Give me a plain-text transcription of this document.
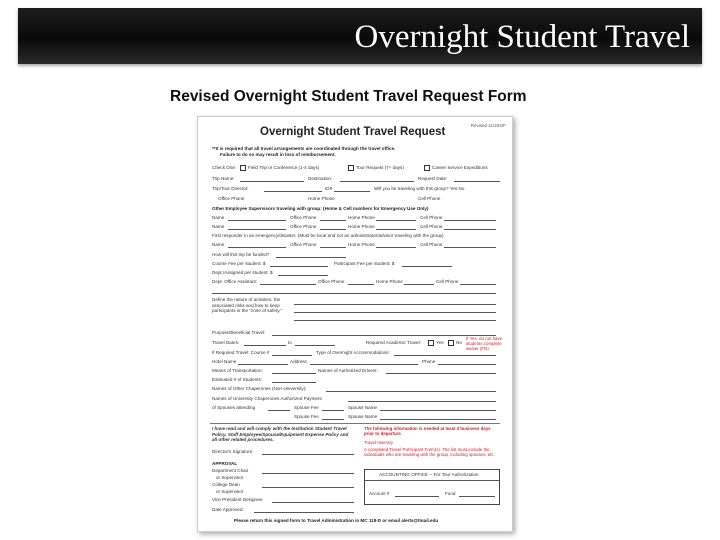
Overnight Student Travel
Revised Overnight Student Travel Request Form
Revised 11/2020*
Overnight Student Travel Request
**It is required that all travel arrangements are coordinated through the travel office.
Failure to do so may result in loss of reimbursement.
Check One:	Field Trip or Conference (1-4 days)	Tour Request (7+ days)	Career Service Expeditions
Trip Name:	Destination:	Request Date:
Trip/Tour Director:	ID#	Will you be traveling with this group? Yes No
Office Phone	Home Phone	Cell Phone
Other Employee Supervisors traveling with group: (Home & Cell numbers for Emergency Use Only)
Name	Office Phone	Home Phone	Cell Phone
Name	Office Phone	Home Phone	Cell Phone
First responder in an emergency/disaster. (Must be local and not an administrator/advisor traveling with the group)
Name	Office Phone	Home Phone	Cell Phone
How will this trip be funded?
Course Fee per student: $	Participant Fee per student: $
Dept./Assigned per student: $
Dept. Office Assistant:	Office Phone	Home Phone	Cell Phone
Define the nature of activities, the associated risks and how to keep participants in the "zone of safety."
Purpose/Beneficial Travel:
Travel Dates:	to	Required Academic Travel:	Yes	No
If Yes, do not have students complete waiver (FN)
If Required Travel: Course #	Type of Overnight Accommodations:
Hotel Name	Address	Phone
Means of Transportation:	Names of Authorized Drivers:
Estimated # of Students:
Names of Other Chaperones (Non-University):
Names of University Chaperones Authorized Payment
of Spouses attending	Spouse Fee	Spouse Name
Spouse Fee	Spouse Name
I have read and will comply with the Institution Student Travel Policy, Staff Employee/Spouse/Equipment Expense Policy and all other related procedures.
The following information is needed at least 3 business days prior to departure
Travel Itinerary
A completed Travel Participant Form(s). The list must include the individuals who are traveling with the group, including spouses, etc.
Director's Signature:
APPROVAL
Department Chair
or Supervisor
College Dean
or Supervisor
Vice President Designee:
Date Approved:
ACCOUNTING OFFICE -- For Tour Authorization
Account #	Fund
Please return this signed form to Travel Administration in MC 118-D or email alerts@tmail.edu
